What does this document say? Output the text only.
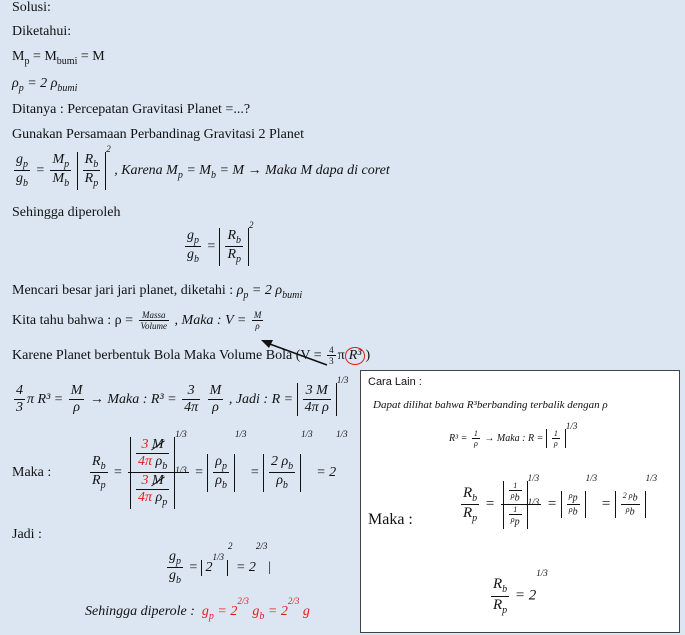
Solusi:
Diketahui:
$M_p = M_{bumi} = M$
$\rho_p = 2$ $\rho_{bumi}$
Ditanya : Percepatan Gravitasi Planet =...?
Gunakan Persamaan Perbandinag Gravitasi 2 Planet
$\frac{g_p}{g_b} = \frac{M_p}{M_b}$
$\frac{R_b}{R_p}$
$^2$ , Karena $M_p = M_b = M$ → Maka M dapa di coret
Sehingga diperoleh
$\frac{g_p}{g_b} = \frac{R_b}{R_p}$
$^2$
Mencari besar jari jari planet, diketahi : $\rho_p = 2$ $\rho_{bumi}$
Kita tahu bahwa : $\rho = \frac{\text{Massa}}{\text{Volume}}$ , Maka : $V = \frac{M}{\rho}$
Karene Planet berbentuk Bola Maka Volume Bola ($V = \frac{4}{3}$ π R³ )
$\frac{4}{3}$ π $R^3 = \frac{M}{\rho}$ → Maka : $R^3 = \frac{3}{4\pi}$
$\frac{M}{\rho}$ , Jadi : $R = \frac{3 M}{\text{4π ρ}}$
$^{1/3}$
Maka :	$\frac{R_b}{R_p} = \frac{3 M}{4\pi \rho_b}$
$^{1/3}$
$\frac{3 M}{4\pi \rho_p}$
$^{1/3} = \frac{\rho_p}{\rho_b}$
$^{1/3} = \frac{2 \rho_b}{\rho_b}$
$^{1/3} = 2^{1/3}$
Jadi :
$\frac{g_p}{g_b} = 2^{1/32} = 2^{2/3}|$
Sehingga diperole : $g_p = 2^{2/3}$ $g_b = 2^{2/3}$ g
Cara Lain :
Dapat dilihat bahwa R³berbanding terbalik dengan ρ
$R^3 = \frac{1}{\rho}$ → Maka : $R = \frac{1}{\rho}$
1/3
Maka :	$\frac{R_b}{R_p} = \frac{1}{\rho_b}$
$^{1/3}$
$\frac{1}{\rho_p}$
$^{1/3} = \frac{\rho_p}{\rho_b}$
$^{1/3} = \frac{2 \rho_b}{\rho_b}$
$^{1/3}$
$\frac{R_b}{R_p} = 2^{1/3}$
